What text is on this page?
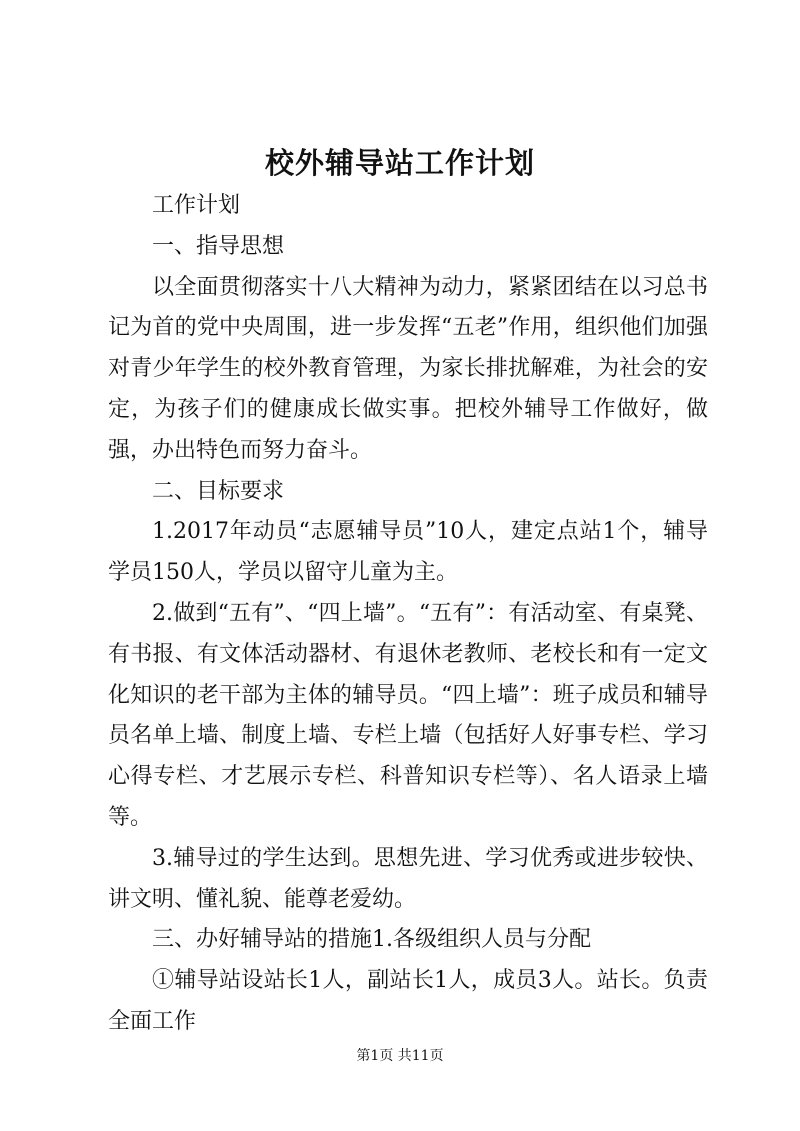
校外辅导站工作计划

工作计划

一、指导思想

以全面贯彻落实十八大精神为动力，紧紧团结在以习总书记为首的党中央周围，进一步发挥“五老”作用，组织他们加强对青少年学生的校外教育管理，为家长排扰解难，为社会的安定，为孩子们的健康成长做实事。把校外辅导工作做好，做强，办出特色而努力奋斗。

二、目标要求

1.2017年动员“志愿辅导员”10人，建定点站1个，辅导学员150人，学员以留守儿童为主。

2.做到“五有”、“四上墙”。“五有”：有活动室、有桌凳、有书报、有文体活动器材、有退休老教师、老校长和有一定文化知识的老干部为主体的辅导员。“四上墙”：班子成员和辅导员名单上墙、制度上墙、专栏上墙（包括好人好事专栏、学习心得专栏、才艺展示专栏、科普知识专栏等）、名人语录上墙等。

3.辅导过的学生达到。思想先进、学习优秀或进步较快、讲文明、懂礼貌、能尊老爱幼。

三、办好辅导站的措施1.各级组织人员与分配

①辅导站设站长1人，副站长1人，成员3人。站长。负责全面工作

第1页 共11页
